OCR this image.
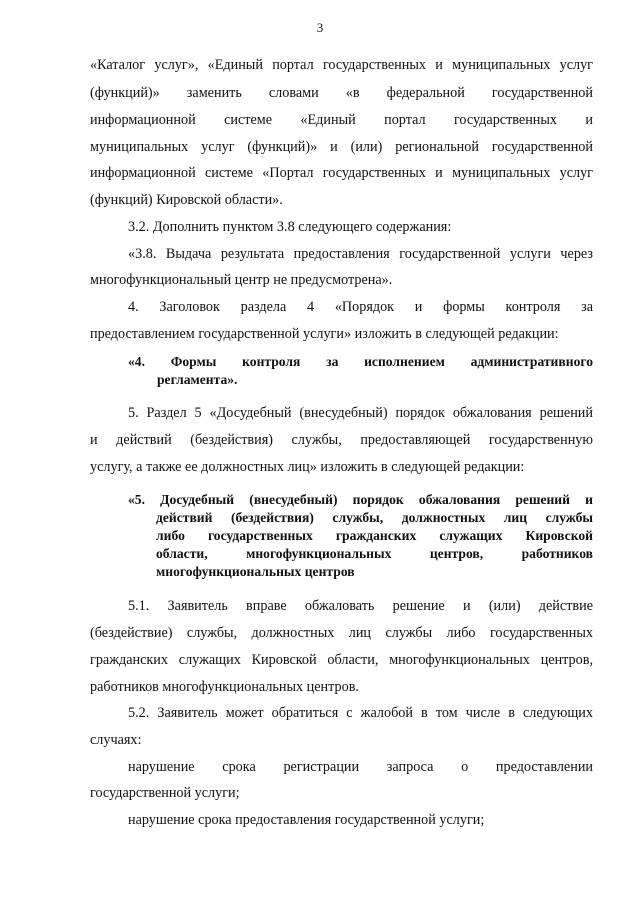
3
«Каталог услуг», «Единый портал государственных и муниципальных услуг
(функций)» заменить словами «в федеральной государственной
информационной системе «Единый портал государственных и
муниципальных услуг (функций)» и (или) региональной государственной
информационной системе «Портал государственных и муниципальных услуг
(функций) Кировской области».
3.2. Дополнить пунктом 3.8 следующего содержания:
«3.8. Выдача результата предоставления государственной услуги через
многофункциональный центр не предусмотрена».
4. Заголовок раздела 4 «Порядок и формы контроля за
предоставлением государственной услуги» изложить в следующей редакции:
«4. Формы контроля за исполнением административного
регламента».
5. Раздел 5 «Досудебный (внесудебный) порядок обжалования решений
и действий (бездействия) службы, предоставляющей государственную
услугу, а также ее должностных лиц» изложить в следующей редакции:
«5. Досудебный (внесудебный) порядок обжалования решений и
действий (бездействия) службы, должностных лиц службы
либо государственных гражданских служащих Кировской
области, многофункциональных центров, работников
многофункциональных центров
5.1. Заявитель вправе обжаловать решение и (или) действие
(бездействие) службы, должностных лиц службы либо государственных
гражданских служащих Кировской области, многофункциональных центров,
работников многофункциональных центров.
5.2. Заявитель может обратиться с жалобой в том числе в следующих
случаях:
нарушение срока регистрации запроса о предоставлении
государственной услуги;
нарушение срока предоставления государственной услуги;
